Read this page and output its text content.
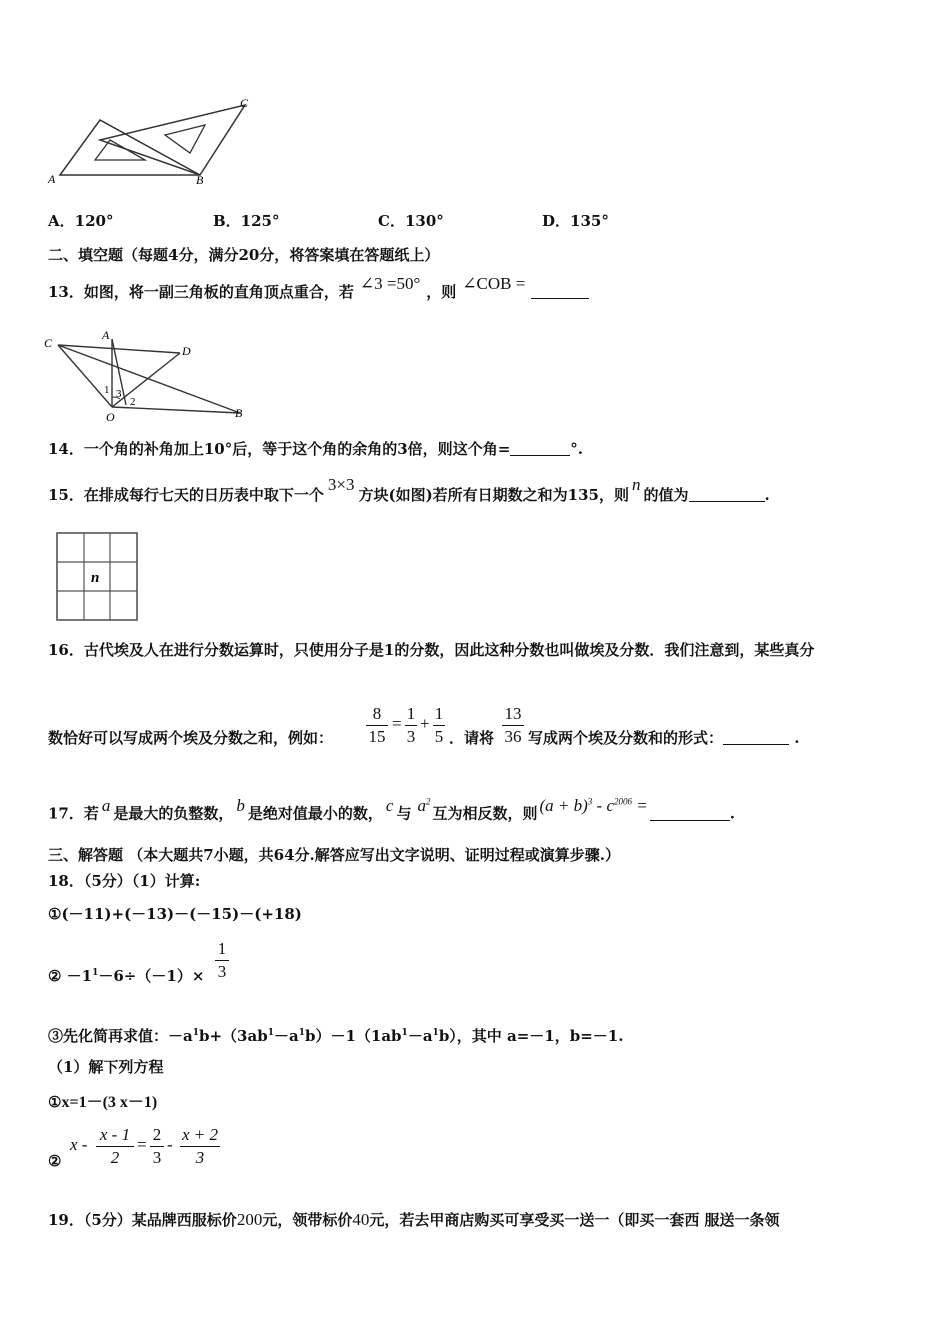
A	B
C
A．120°	B．125°	C．130°	D．135°
二、填空题（每题4分，满分20分，将答案填在答题纸上）
13．如图，将一副三角板的直角顶点重合，若 ∠3 =50° ，则 ∠COB =
C
A
D
O	B
1
2
3
14．一个角的补角加上10°后，等于这个角的余角的3倍，则这个角=	°.
15．在排成每行七天的日历表中取下一个3×3方块(如图)若所有日期数之和为135，则n的值为	.
n
16．古代埃及人在进行分数运算时，只使用分子是1的分数，因此这种分数也叫做埃及分数．我们注意到，某些真分
数恰好可以写成两个埃及分数之和，例如： $\frac{8}{15} = \frac{1}{3} + \frac{1}{5}$ ．请将 $\frac{13}{36}$ 写成两个埃及分数和的形式：	.
17．若 a 是最大的负整数， b 是绝对值最小的数， c 与 $a^2$互为相反数，则 $(a + b)^3 - c^{2006}$ =	.
三、解答题 （本大题共7小题，共64分.解答应写出文字说明、证明过程或演算步骤.）
18．（5分）（1）计算:
①(－11)+(－13)－(－15)－(+18)
② $-1^1-6\div(-1)\times \frac{1}{3}$
③先化简再求值：$-a^1b+(3ab^1-a^1b)-1(1ab^1-a^1b)$，其中 a=－1，b=－1.
（1）解下列方程
①x=1－(3 x－1)
②
$x - \frac{x - 1}{2} = \frac{2}{3} - \frac{x + 2}{3}$
19．（5分）某品牌西服标价200元，领带标价40元，若去甲商店购买可享受买一送一（即买一套西 服送一条领
